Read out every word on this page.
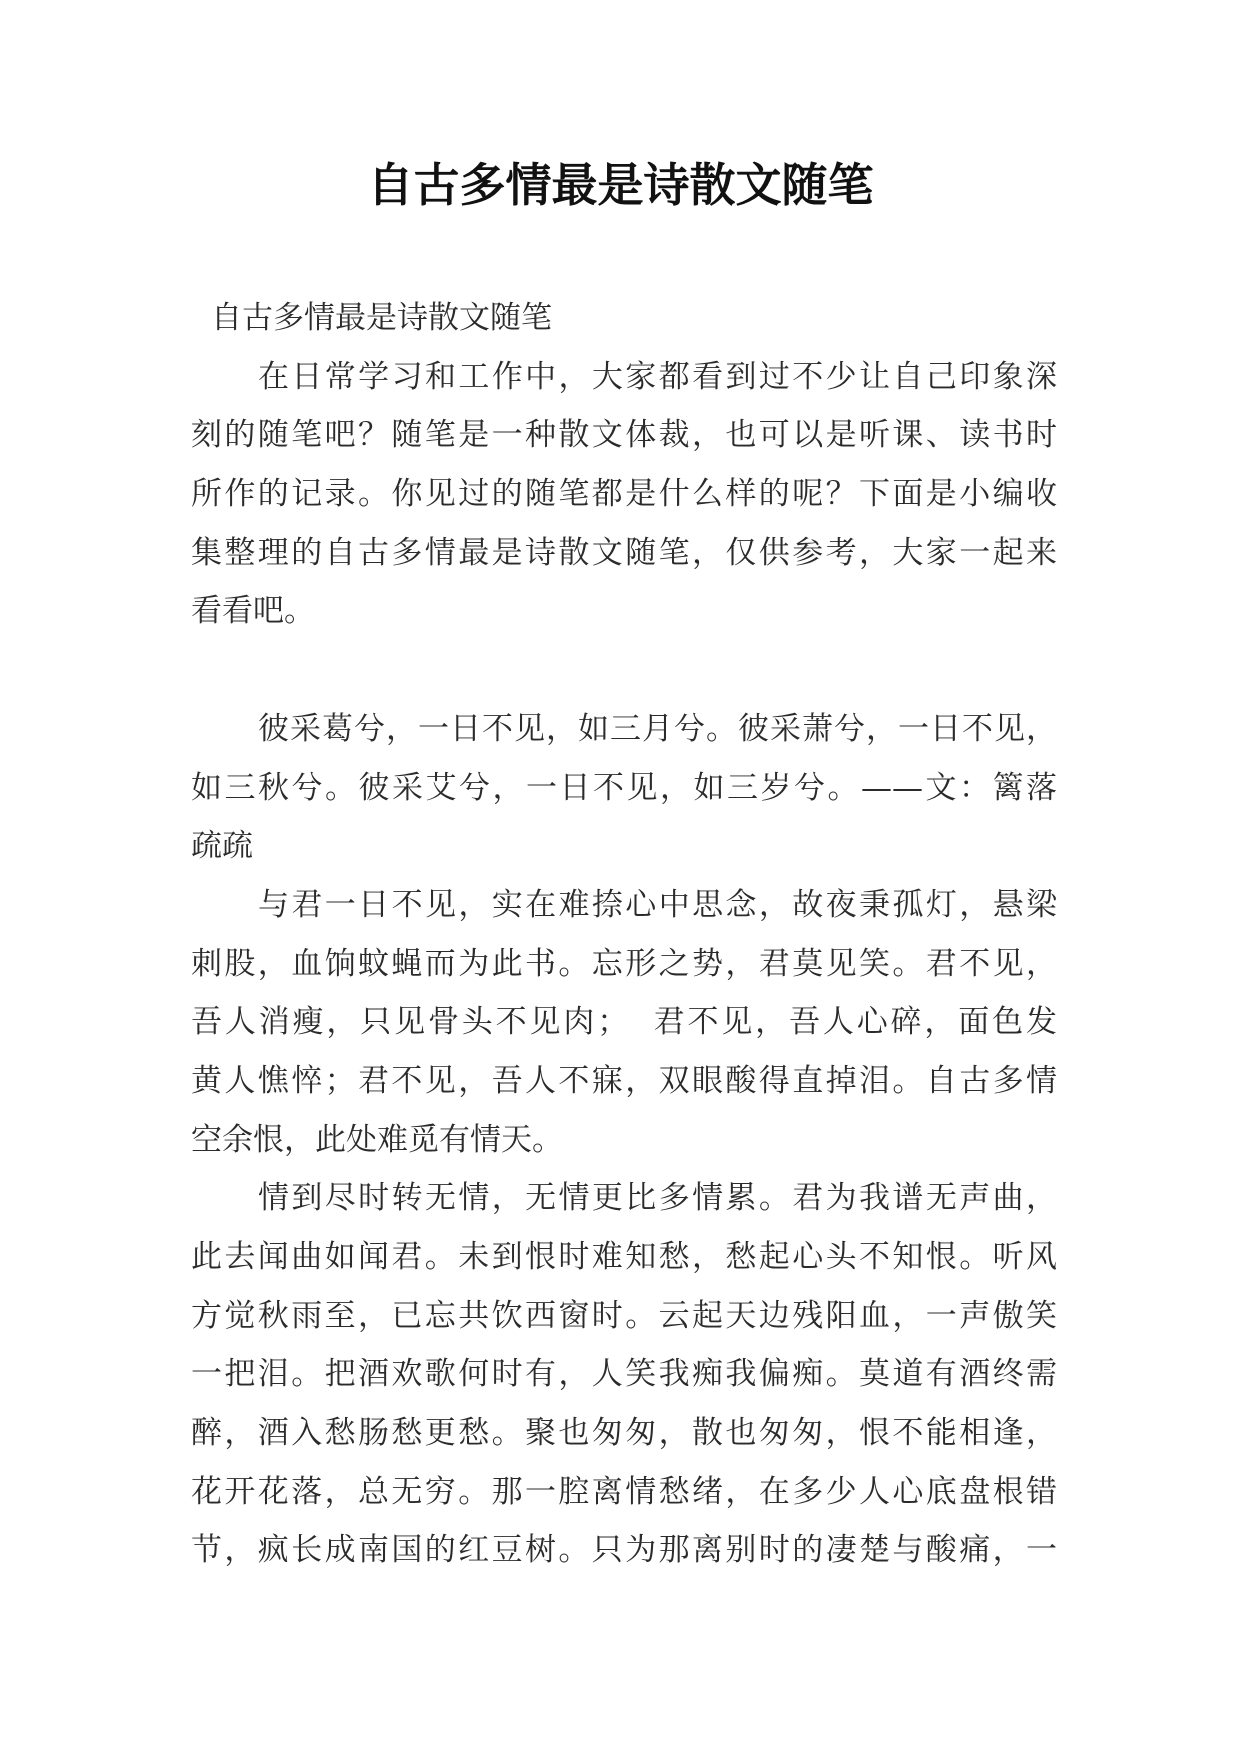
自古多情最是诗散文随笔
自古多情最是诗散文随笔
在日常学习和工作中，大家都看到过不少让自己印象深
刻的随笔吧？随笔是一种散文体裁，也可以是听课、读书时
所作的记录。你见过的随笔都是什么样的呢？下面是小编收
集整理的自古多情最是诗散文随笔，仅供参考，大家一起来
看看吧。
彼采葛兮，一日不见，如三月兮。彼采萧兮，一日不见，
如三秋兮。彼采艾兮，一日不见，如三岁兮。——文：篱落
疏疏
与君一日不见，实在难捺心中思念，故夜秉孤灯，悬梁
刺股，血饷蚊蝇而为此书。忘形之势，君莫见笑。君不见，
吾人消瘦，只见骨头不见肉；  君不见，吾人心碎，面色发
黄人憔悴；君不见，吾人不寐，双眼酸得直掉泪。自古多情
空余恨，此处难觅有情天。
情到尽时转无情，无情更比多情累。君为我谱无声曲，
此去闻曲如闻君。未到恨时难知愁，愁起心头不知恨。听风
方觉秋雨至，已忘共饮西窗时。云起天边残阳血，一声傲笑
一把泪。把酒欢歌何时有，人笑我痴我偏痴。莫道有酒终需
醉，酒入愁肠愁更愁。聚也匆匆，散也匆匆，恨不能相逢，
花开花落，总无穷。那一腔离情愁绪，在多少人心底盘根错
节，疯长成南国的红豆树。只为那离别时的凄楚与酸痛，一
